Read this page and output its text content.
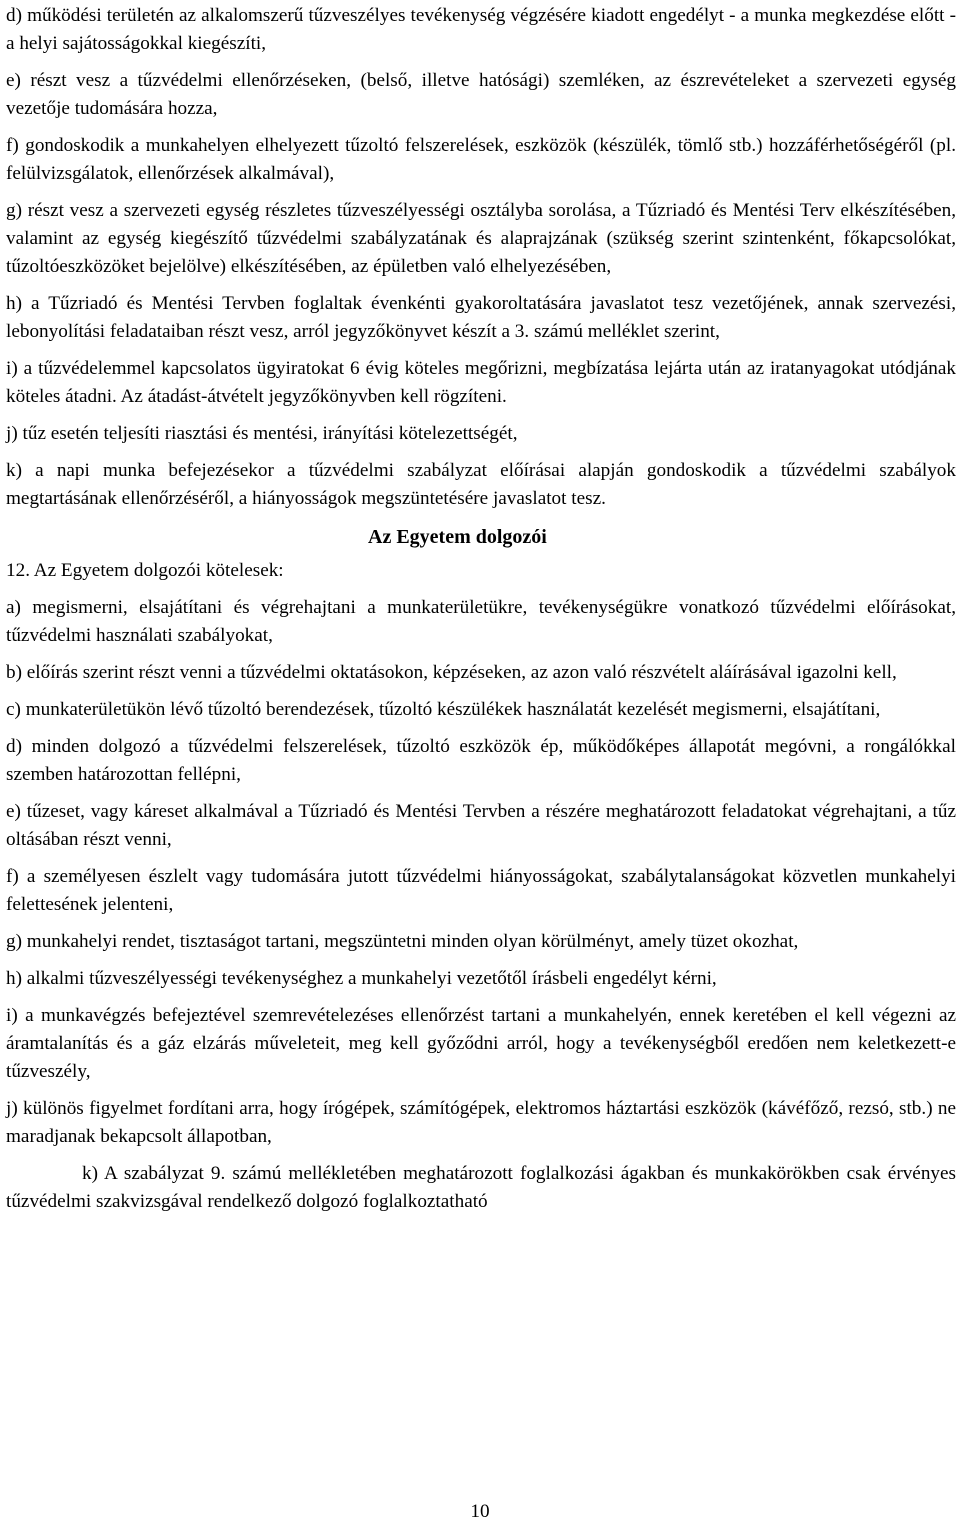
d) működési területén az alkalomszerű tűzveszélyes tevékenység végzésére kiadott engedélyt - a munka megkezdése előtt - a helyi sajátosságokkal kiegészíti,

e) részt vesz a tűzvédelmi ellenőrzéseken, (belső, illetve hatósági) szemléken, az észrevételeket a szervezeti egység vezetője tudomására hozza,

f) gondoskodik a munkahelyen elhelyezett tűzoltó felszerelések, eszközök (készülék, tömlő stb.) hozzáférhetőségéről (pl. felülvizsgálatok, ellenőrzések alkalmával),

g) részt vesz a szervezeti egység részletes tűzveszélyességi osztályba sorolása, a Tűzriadó és Mentési Terv elkészítésében, valamint az egység kiegészítő tűzvédelmi szabályzatának és alaprajzának (szükség szerint szintenként, főkapcsolókat, tűzoltóeszközöket bejelölve) elkészítésében, az épületben való elhelyezésében,

h) a Tűzriadó és Mentési Tervben foglaltak évenkénti gyakoroltatására javaslatot tesz vezetőjének, annak szervezési, lebonyolítási feladataiban részt vesz, arról jegyzőkönyvet készít a 3. számú melléklet szerint,

i) a tűzvédelemmel kapcsolatos ügyiratokat 6 évig köteles megőrizni, megbízatása lejárta után az iratanyagokat utódjának köteles átadni. Az átadást-átvételt jegyzőkönyvben kell rögzíteni.

j) tűz esetén teljesíti riasztási és mentési, irányítási kötelezettségét,

k) a napi munka befejezésekor a tűzvédelmi szabályzat előírásai alapján gondoskodik a tűzvédelmi szabályok megtartásának ellenőrzéséről, a hiányosságok megszüntetésére javaslatot tesz.

Az Egyetem dolgozói

12. Az Egyetem dolgozói kötelesek:

a) megismerni, elsajátítani és végrehajtani a munkaterületükre, tevékenységükre vonatkozó tűzvédelmi előírásokat, tűzvédelmi használati szabályokat,

b) előírás szerint részt venni a tűzvédelmi oktatásokon, képzéseken, az azon való részvételt aláírásával igazolni kell,

c) munkaterületükön lévő tűzoltó berendezések, tűzoltó készülékek használatát kezelését megismerni, elsajátítani,

d) minden dolgozó a tűzvédelmi felszerelések, tűzoltó eszközök ép, működőképes állapotát megóvni, a rongálókkal szemben határozottan fellépni,

e) tűzeset, vagy káreset alkalmával a Tűzriadó és Mentési Tervben a részére meghatározott feladatokat végrehajtani, a tűz oltásában részt venni,

f) a személyesen észlelt vagy tudomására jutott tűzvédelmi hiányosságokat, szabálytalanságokat közvetlen munkahelyi felettesének jelenteni,

g) munkahelyi rendet, tisztaságot tartani, megszüntetni minden olyan körülményt, amely tüzet okozhat,

h) alkalmi tűzveszélyességi tevékenységhez a munkahelyi vezetőtől írásbeli engedélyt kérni,

i) a munkavégzés befejeztével szemrevételezéses ellenőrzést tartani a munkahelyén, ennek keretében el kell végezni az áramtalanítás és a gáz elzárás műveleteit, meg kell győződni arról, hogy a tevékenységből eredően nem keletkezett-e tűzveszély,

j) különös figyelmet fordítani arra, hogy írógépek, számítógépek, elektromos háztartási eszközök (kávéfőző, rezsó, stb.) ne maradjanak bekapcsolt állapotban,

k) A szabályzat 9. számú mellékletében meghatározott foglalkozási ágakban és munkakörökben csak érvényes tűzvédelmi szakvizsgával rendelkező dolgozó foglalkoztatható

10
